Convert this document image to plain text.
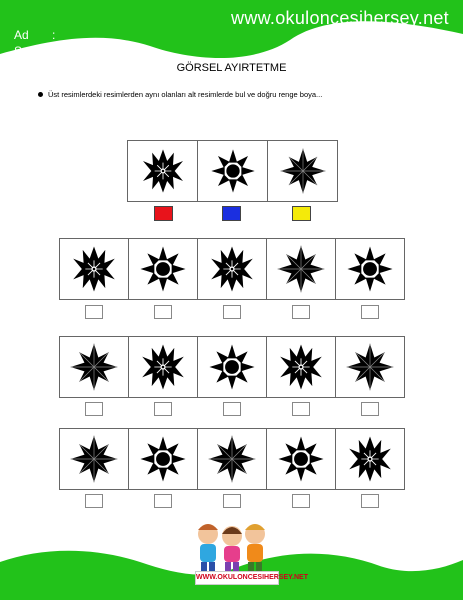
www.okuloncesihersey.net
Okul Öncesine Dair Herşey
Ad :
Soyad:
GÖRSEL AYIRTETME
Üst resimlerdeki resimlerden aynı olanları alt resimlerde bul ve doğru renge boya...
WWW.OKULONCESIHERSEY.NET
